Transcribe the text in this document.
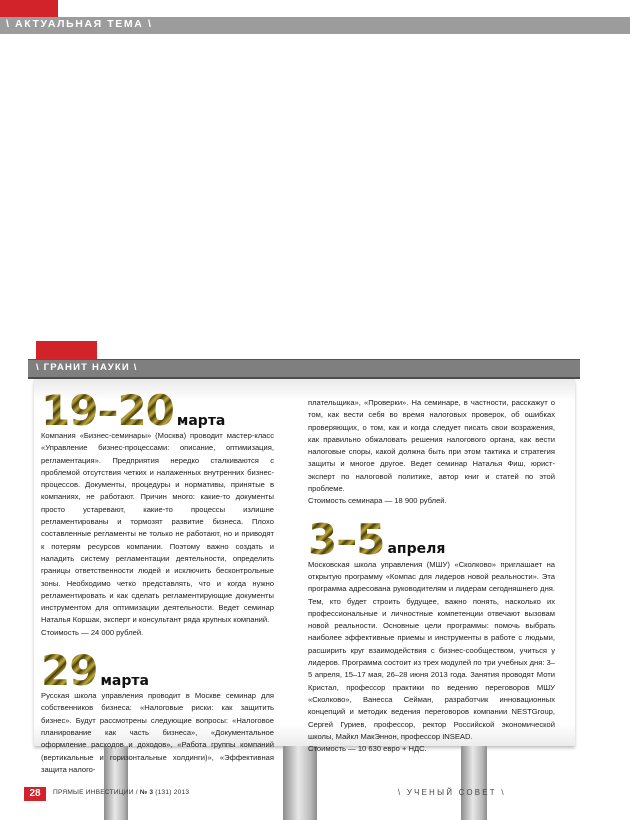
\ АКТУАЛЬНАЯ ТЕМА \
\ ГРАНИТ НАУКИ \
19–20 марта

Компания «Бизнес-семинары» (Москва) проводит мастер-класс «Управление бизнес-процессами: описание, оптимизация, регламентация». Предприятия нередко сталкиваются с проблемой отсутствия четких и налаженных внутренних бизнес-процессов. Документы, процедуры и нормативы, принятые в компаниях, не работают. Причин много: какие-то документы просто устаревают, какие-то процессы излишне регламентированы и тормозят развитие бизнеса. Плохо составленные регламенты не только не работают, но и приводят к потерям ресурсов компании. Поэтому важно создать и наладить систему регламентации деятельности, определить границы ответственности людей и исключить бесконтрольные зоны. Необходимо четко представлять, что и когда нужно регламентировать и как сделать регламентирующие документы инструментом для оптимизации деятельности. Ведет семинар Наталья Коршак, эксперт и консультант ряда крупных компаний.

Стоимость — 24 000 рублей.

29 марта

Русская школа управления проводит в Москве семинар для собственников бизнеса: «Налоговые риски: как защитить бизнес». Будут рассмотрены следующие вопросы: «Налоговое планирование как часть бизнеса», «Документальное оформление расходов и доходов», «Работа группы компаний (вертикальные и горизонтальные холдинги)», «Эффективная защита налого-

плательщика», «Проверки». На семинаре, в частности, расскажут о том, как вести себя во время налоговых проверок, об ошибках проверяющих, о том, как и когда следует писать свои возражения, как правильно обжаловать решения налогового органа, как вести налоговые споры, какой должна быть при этом тактика и стратегия защиты и многое другое. Ведет семинар Наталья Фиш, юрист-эксперт по налоговой политике, автор книг и статей по этой проблеме.

Стоимость семинара — 18 900 рублей.

3–5 апреля

Московская школа управления (МШУ) «Сколково» приглашает на открытую программу «Компас для лидеров новой реальности». Эта программа адресована руководителям и лидерам сегодняшнего дня. Тем, кто будет строить будущее, важно понять, насколько их профессиональные и личностные компетенции отвечают вызовам новой реальности. Основные цели программы: помочь выбрать наиболее эффективные приемы и инструменты в работе с людьми, расширить круг взаимодействия с бизнес-сообществом, учиться у лидеров. Программа состоит из трех модулей по три учебных дня: 3–5 апреля, 15–17 мая, 26–28 июня 2013 года. Занятия проводят Моти Кристал, профессор практики по ведению переговоров МШУ «Сколково», Ванесса Сейман, разработчик инновационных концепций и методик ведения переговоров компании NESTGroup, Сергей Гуриев, профессор, ректор Российской экономической школы, Майкл МакЭннон, профессор INSEAD.

Стоимость — 10 630 евро + НДС.

28	ПРЯМЫЕ ИНВЕСТИЦИИ / № 3 (131) 2013	\ УЧЕНЫЙ СОВЕТ \
